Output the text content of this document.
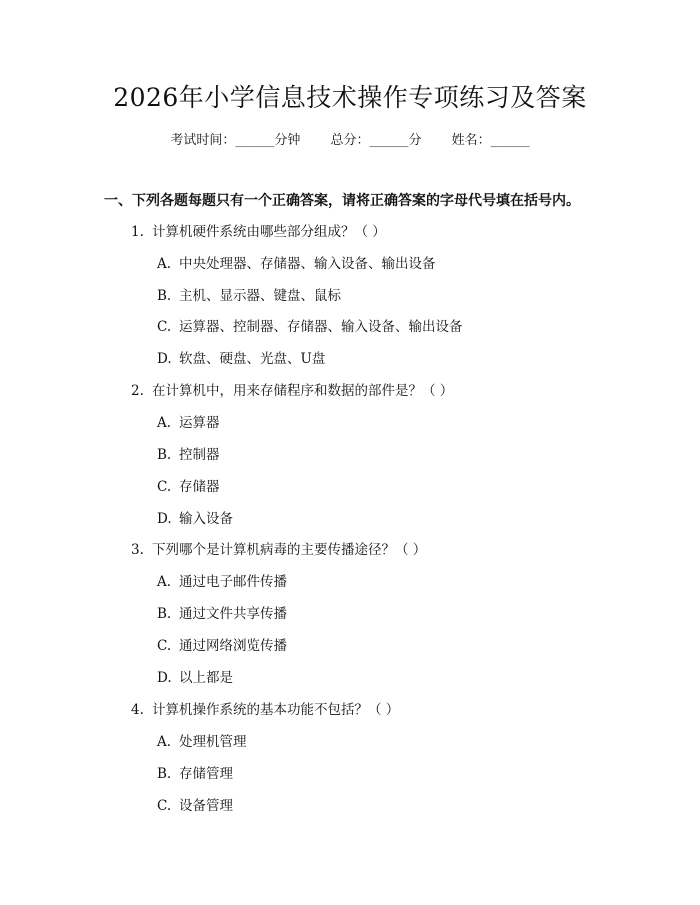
2026年小学信息技术操作专项练习及答案
考试时间：______分钟 总分：______分 姓名：______
一、下列各题每题只有一个正确答案，请将正确答案的字母代号填在括号内。
1. 计算机硬件系统由哪些部分组成？（ ）
A. 中央处理器、存储器、输入设备、输出设备
B. 主机、显示器、键盘、鼠标
C. 运算器、控制器、存储器、输入设备、输出设备
D. 软盘、硬盘、光盘、U盘
2. 在计算机中，用来存储程序和数据的部件是？（ ）
A. 运算器
B. 控制器
C. 存储器
D. 输入设备
3. 下列哪个是计算机病毒的主要传播途径？（ ）
A. 通过电子邮件传播
B. 通过文件共享传播
C. 通过网络浏览传播
D. 以上都是
4. 计算机操作系统的基本功能不包括？（ ）
A. 处理机管理
B. 存储管理
C. 设备管理
